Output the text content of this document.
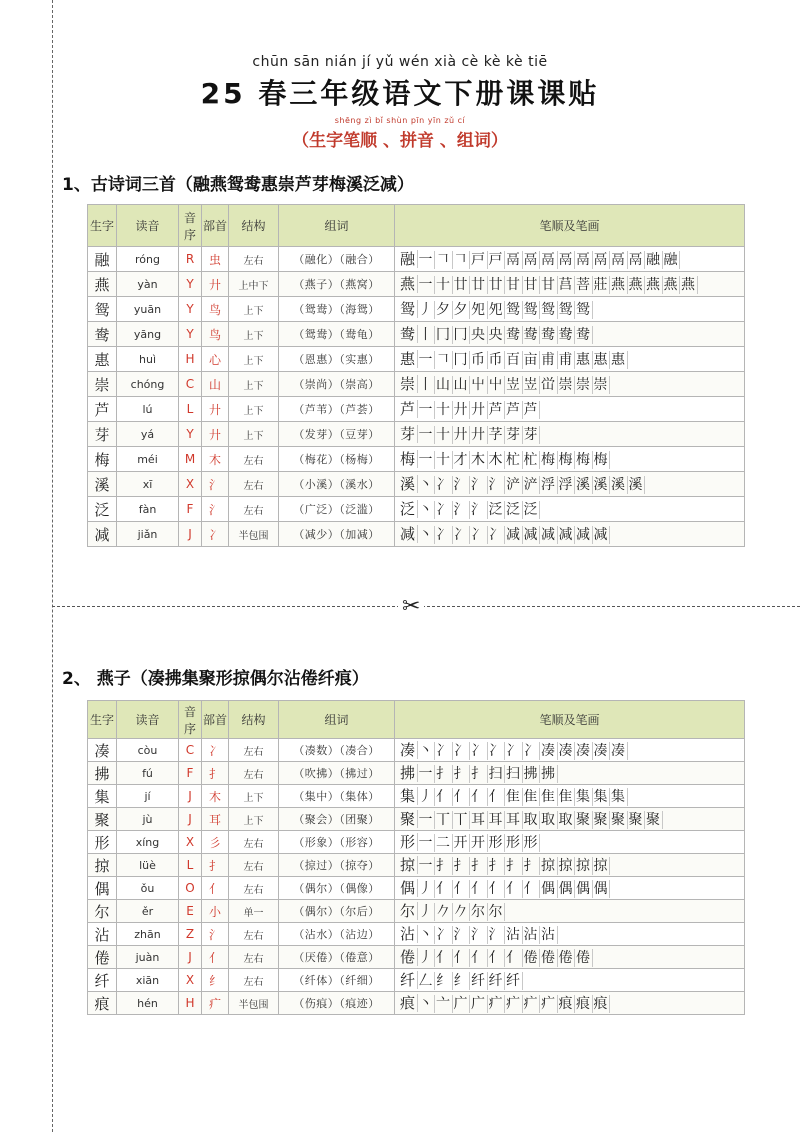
chūn sān nián jí yǔ wén xià cè kè kè tiē
25 春三年级语文下册课课贴
shēng zì bǐ shùn pīn yīn zǔ cí
（生字笔顺 、拼音 、组词）
1、古诗词三首（融燕鸳鸯惠崇芦芽梅溪泛减）
生字	读音	音序	部首	结构	组词	笔顺及笔画
融	róng	R	虫	左右	（融化）（融合）	融 一 𠃍 𠃍 戸 戸 鬲 鬲 鬲 鬲 鬲 鬲 鬲 鬲 融 融
燕	yàn	Y	廾	上中下	（燕子）（燕窝）	燕 一 十 廿 廿 廿 甘 甘 甘 莒 菩 莊 燕 燕 燕 燕 燕
鸳	yuān	Y	鸟	上下	（鸳鸯）（海鸳）	鸳 丿 夕 夕 夗 夗 鸳 鸳 鸳 鸳 鸳
鸯	yāng	Y	鸟	上下	（鸳鸯）（鸯龟）	鸯 丨 冂 冂 央 央 鸯 鸯 鸯 鸯 鸯
惠	huì	H	心	上下	（恩惠）（实惠）	惠 一 𠃍 冂 币 币 百 亩 甫 甫 惠 惠 惠
崇	chóng	C	山	上下	（崇尚）（崇高）	崇 丨 山 山 屮 屮 岦 岦 峃 崇 崇 崇
芦	lú	L	廾	上下	（芦苇）（芦荟）	芦 一 十 廾 廾 芦 芦 芦
芽	yá	Y	廾	上下	（发芽）（豆芽）	芽 一 十 廾 廾 芓 芽 芽
梅	méi	M	木	左右	（梅花）（杨梅）	梅 一 十 才 木 木 杧 杧 梅 梅 梅 梅
溪	xī	X	氵	左右	（小溪）（溪水）	溪 丶 冫 氵 氵 氵 浐 浐 浮 浮 溪 溪 溪 溪
泛	fàn	F	氵	左右	（广泛）（泛滥）	泛 丶 冫 氵 氵 泛 泛 泛
减	jiǎn	J	冫	半包围	（减少）（加减）	减 丶 冫 冫 冫 冫 减 减 减 减 减 减
✂
2、 燕子（凑拂集聚形掠偶尔沾倦纤痕）
生字	读音	音序	部首	结构	组词	笔顺及笔画
凑	còu	C	冫	左右	（凑数）（凑合）	凑 丶 冫 冫 冫 冫 冫 冫 凑 凑 凑 凑 凑
拂	fú	F	扌	左右	（吹拂）（拂过）	拂 一 扌 扌 扌 扫 扫 拂 拂
集	jí	J	木	上下	（集中）（集体）	集 丿 亻 亻 亻 亻 隹 隹 隹 隹 集 集 集
聚	jù	J	耳	上下	（聚会）（团聚）	聚 一 丅 丅 耳 耳 耳 取 取 取 聚 聚 聚 聚 聚
形	xíng	X	彡	左右	（形象）（形容）	形 一 二 开 开 形 形 形
掠	lüè	L	扌	左右	（掠过）（掠夺）	掠 一 扌 扌 扌 扌 扌 扌 掠 掠 掠 掠
偶	ǒu	O	亻	左右	（偶尔）（偶像）	偶 丿 亻 亻 亻 亻 亻 亻 偶 偶 偶 偶
尔	ěr	E	小	单一	（偶尔）（尔后）	尔 丿 𠂊 𠂊 尔 尔
沾	zhān	Z	氵	左右	（沾水）（沾边）	沾 丶 冫 氵 氵 氵 沾 沾 沾
倦	juàn	J	亻	左右	（厌倦）（倦意）	倦 丿 亻 亻 亻 亻 亻 倦 倦 倦 倦
纤	xiān	X	纟	左右	（纤体）（纤细）	纤 𠃋 纟 纟 纤 纤 纤
痕	hén	H	疒	半包围	（伤痕）（痕迹）	痕 丶 亠 广 广 疒 疒 疒 疒 痕 痕 痕
